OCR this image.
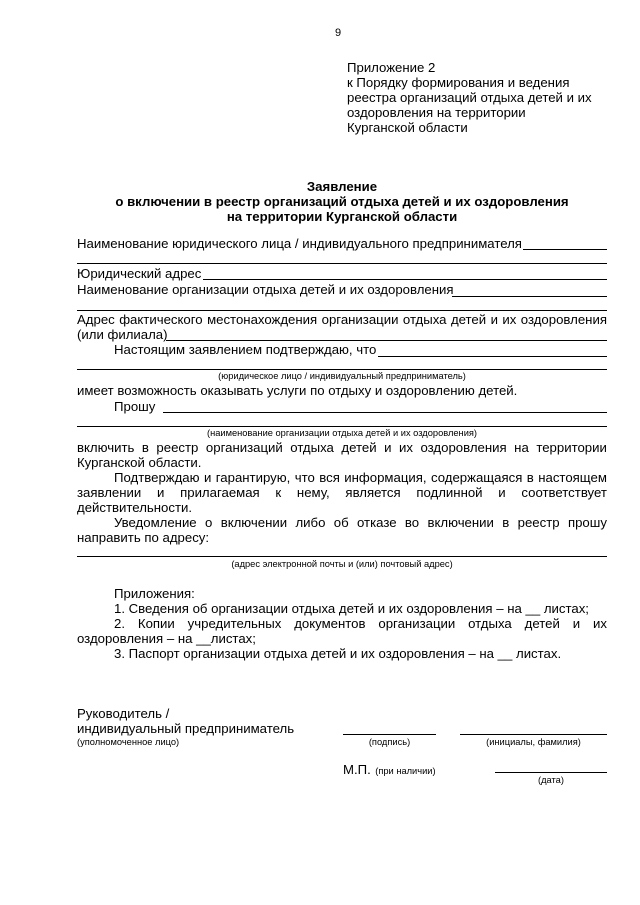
9
Приложение 2
к Порядку формирования и ведения
реестра организаций отдыха детей и их
оздоровления на территории
Курганской области
Заявление
о включении в реестр организаций отдыха детей и их оздоровления
на территории Курганской области
Наименование юридического лица / индивидуального предпринимателя
Юридический адрес
Наименование организации отдыха детей и их оздоровления
Адрес фактического местонахождения организации отдыха детей и их оздоровления
(или филиала)
Настоящим заявлением подтверждаю, что
(юридическое лицо / индивидуальный предприниматель)
имеет возможность оказывать услуги по отдыху и оздоровлению детей.
Прошу
(наименование организации отдыха детей и их оздоровления)
включить в реестр организаций отдыха детей и их оздоровления на территории
Курганской области.
Подтверждаю и гарантирую, что вся информация, содержащаяся в настоящем
заявлении и прилагаемая к нему, является подлинной и соответствует
действительности.
Уведомление о включении либо об отказе во включении в реестр прошу
направить по адресу:
(адрес электронной почты и (или) почтовый адрес)
Приложения:
1. Сведения об организации отдыха детей и их оздоровления – на __ листах;
2. Копии учредительных документов организации отдыха детей и их
оздоровления – на __листах;
3. Паспорт организации отдыха детей и их оздоровления – на __ листах.
Руководитель /
индивидуальный предприниматель
(уполномоченное лицо)	(подпись)	(инициалы, фамилия)
М.П. (при наличии)
(дата)
